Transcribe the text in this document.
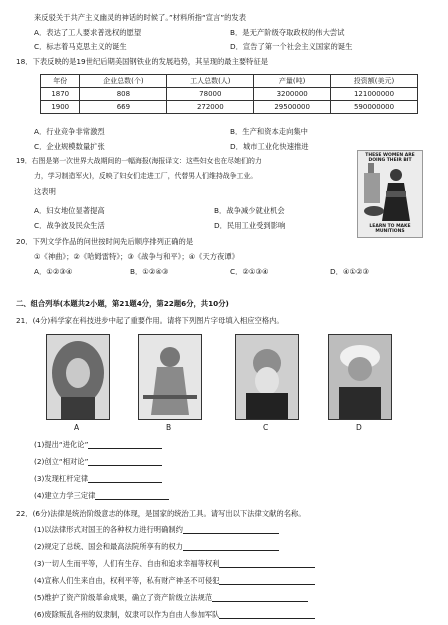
来反驳关于共产主义幽灵的神话的时候了。”材料所指“宣言”的发表
A．表达了工人要求普选权的愿望	B．是无产阶级夺取政权的伟大尝试
C．标志着马克思主义的诞生	D．宣告了第一个社会主义国家的诞生
18．下表反映的是19世纪后期美国钢铁业的发展趋势，其呈现的最主要特征是
年份	企业总数(个)	工人总数(人)	产量(吨)	投资额(美元)
1870	808	78000	3200000	121000000
1900	669	272000	29500000	590000000
A．行业竞争非常激烈	B．生产和资本走向集中
C．企业规模数量扩张	D．城市工业化快速推进
19．右图是第一次世界大战期间的一幅海报(海报译文：这些妇女也在尽她们的力
力，学习制造军火)，反映了妇女们走进工厂，代替男人们维持战争工业。
这表明
THESE WOMEN ARE DOING THEIR BIT
LEARN TO MAKE MUNITIONS
A．妇女地位显著提高	B．战争减少就业机会
C．战争波及民众生活	D．民用工业受到影响
20．下列文学作品的问世按时间先后顺序排列正确的是
①《神曲》；②《哈姆雷特》；③《战争与和平》；④《天方夜谭》
A．①②③④	B．①②④③	C．②①③④	D．④①②③
二、组合列举(本题共2小题，第21题4分，第22题6分，共10分)
21．(4分)科学家在科技进步中起了重要作用。请将下列图片字母填入相应空格内。
A	B	C	D
(1)提出“进化论”
(2)创立“相对论”
(3)发现杠杆定律
(4)建立力学三定律
22．(6分)法律是统治阶级意志的体现，是国家的统治工具。请写出以下法律文献的名称。
(1)以法律形式对国王的各种权力进行明确制约
(2)规定了总统、国会和最高法院所享有的权力
(3)一切人生而平等，人们有生存、自由和追求幸福等权利
(4)宣称人们生来自由，权利平等，私有财产神圣不可侵犯
(5)维护了资产阶级革命成果，确立了资产阶级立法规范
(6)废除叛乱各州的奴隶制，奴隶可以作为自由人参加军队
